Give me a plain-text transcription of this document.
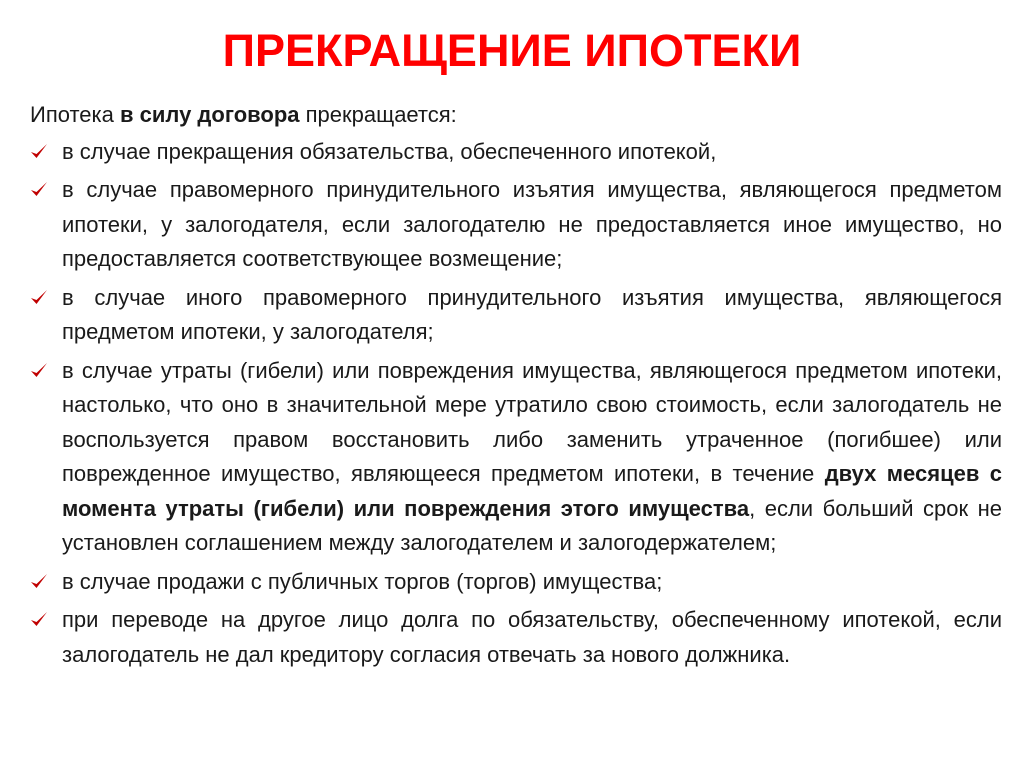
ПРЕКРАЩЕНИЕ ИПОТЕКИ

Ипотека в силу договора прекращается:

в случае прекращения обязательства, обеспеченного ипотекой,
в случае правомерного принудительного изъятия имущества, являющегося предметом ипотеки, у залогодателя, если залогодателю не предоставляется иное имущество, но предоставляется соответствующее возмещение;
в случае иного правомерного принудительного изъятия имущества, являющегося предметом ипотеки, у залогодателя;
в случае утраты (гибели) или повреждения имущества, являющегося предметом ипотеки, настолько, что оно в значительной мере утратило свою стоимость, если залогодатель не воспользуется правом восстановить либо заменить утраченное (погибшее) или поврежденное имущество, являющееся предметом ипотеки, в течение двух месяцев с момента утраты (гибели) или повреждения этого имущества, если больший срок не установлен соглашением между залогодателем и залогодержателем;
в случае продажи с публичных торгов (торгов) имущества;
при переводе на другое лицо долга по обязательству, обеспеченному ипотекой, если залогодатель не дал кредитору согласия отвечать за нового должника.
